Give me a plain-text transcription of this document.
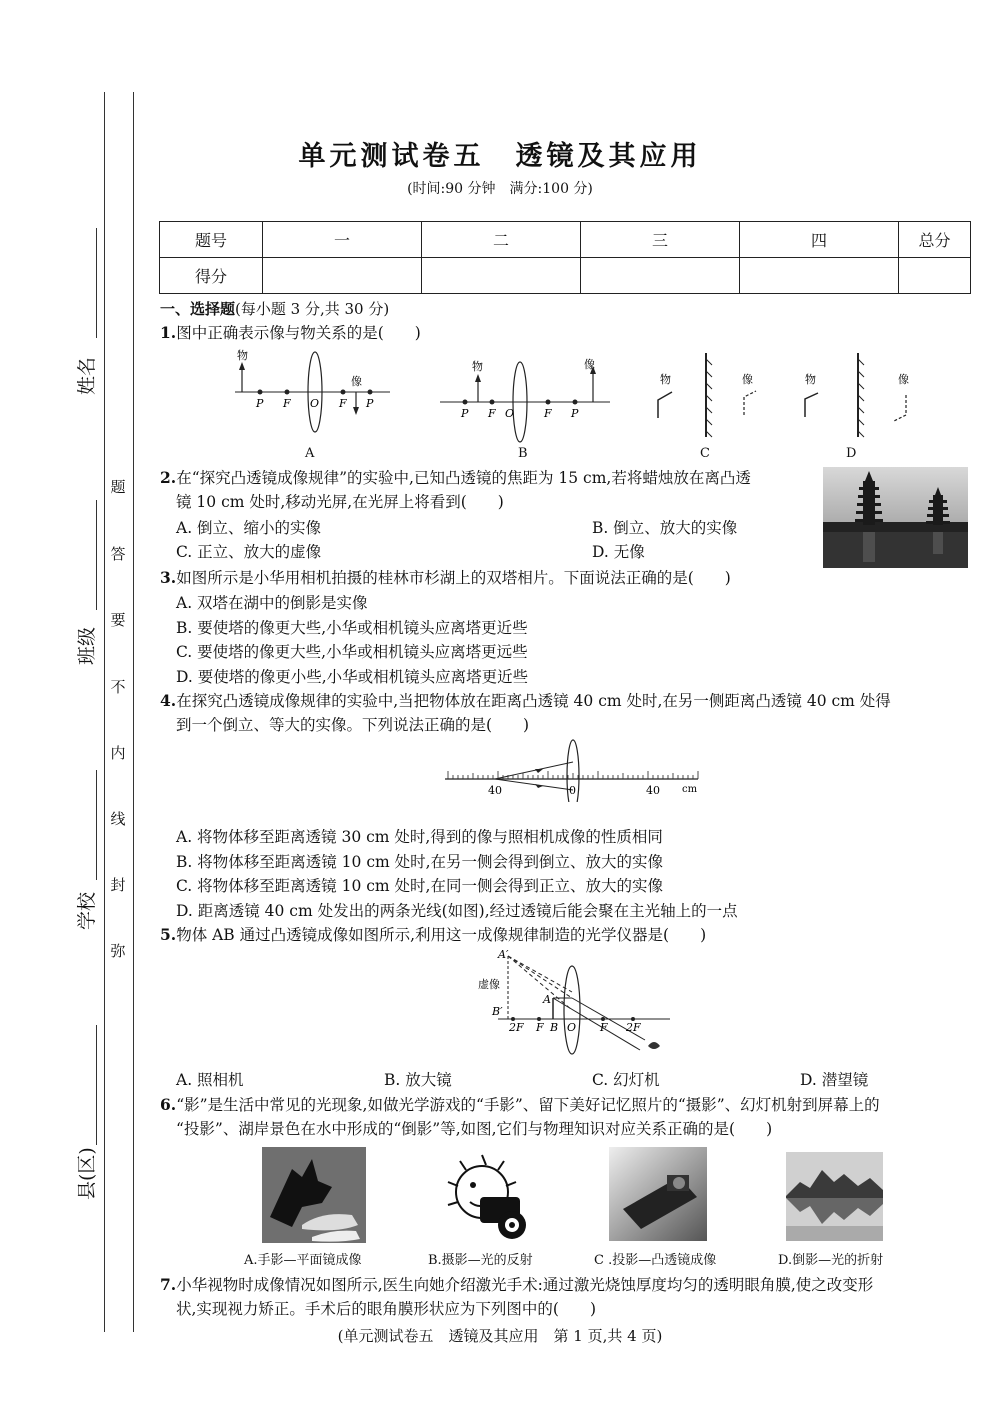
姓名
班级
学校
县(区)
题
答
要
不
内
线
封
弥
单元测试卷五　透镜及其应用
(时间:90 分钟　满分:100 分)
题号	一	二	三	四	总分
得分					
一、选择题(每小题 3 分,共 30 分)
1.图中正确表示像与物关系的是(　　)
物
像
P F O F P
物	像
P F O	F P
物	像	物	像
A	B	C	D
2.在“探究凸透镜成像规律”的实验中,已知凸透镜的焦距为 15 cm,若将蜡烛放在离凸透
镜 10 cm 处时,移动光屏,在光屏上将看到(　　)
A. 倒立、缩小的实像	B. 倒立、放大的实像
C. 正立、放大的虚像	D. 无像
3.如图所示是小华用相机拍摄的桂林市杉湖上的双塔相片。下面说法正确的是(　　)
A. 双塔在湖中的倒影是实像
B. 要使塔的像更大些,小华或相机镜头应离塔更近些
C. 要使塔的像更大些,小华或相机镜头应离塔更远些
D. 要使塔的像更小些,小华或相机镜头应离塔更近些
4.在探究凸透镜成像规律的实验中,当把物体放在距离凸透镜 40 cm 处时,在另一侧距离凸透镜 40 cm 处得
到一个倒立、等大的实像。下列说法正确的是(　　)
40	0	40 cm
A. 将物体移至距离透镜 30 cm 处时,得到的像与照相机成像的性质相同
B. 将物体移至距离透镜 10 cm 处时,在另一侧会得到倒立、放大的实像
C. 将物体移至距离透镜 10 cm 处时,在同一侧会得到正立、放大的实像
D. 距离透镜 40 cm 处发出的两条光线(如图),经过透镜后能会聚在主光轴上的一点
5.物体 AB 通过凸透镜成像如图所示,利用这一成像规律制造的光学仪器是(　　)
A′
虚像
B′
A
2F F B O F 2F
A. 照相机	B. 放大镜	C. 幻灯机	D. 潜望镜
6.“影”是生活中常见的光现象,如做光学游戏的“手影”、留下美好记忆照片的“摄影”、幻灯机射到屏幕上的
“投影”、湖岸景色在水中形成的“倒影”等,如图,它们与物理知识对应关系正确的是(　　)
A.手影—平面镜成像	B.摄影—光的反射	C .投影—凸透镜成像	D.倒影—光的折射
7.小华视物时成像情况如图所示,医生向她介绍激光手术:通过激光烧蚀厚度均匀的透明眼角膜,使之改变形
状,实现视力矫正。手术后的眼角膜形状应为下列图中的(　　)
(单元测试卷五　透镜及其应用　第 1 页,共 4 页)
